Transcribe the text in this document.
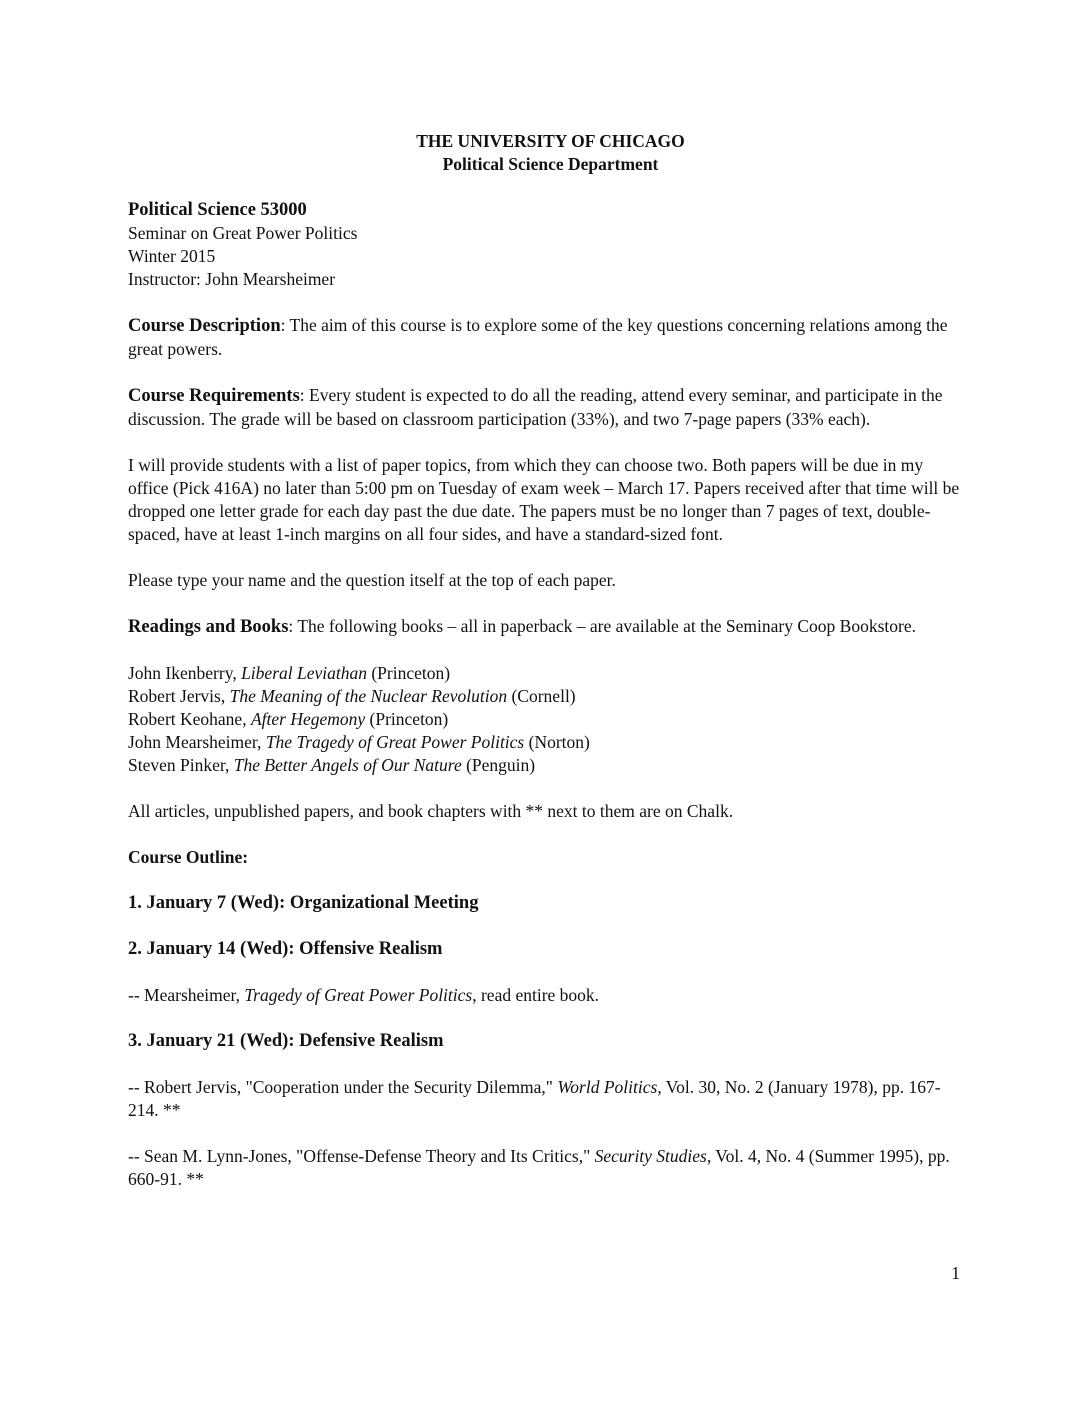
THE UNIVERSITY OF CHICAGO
Political Science Department
Political Science 53000
Seminar on Great Power Politics
Winter 2015
Instructor: John Mearsheimer

Course Description: The aim of this course is to explore some of the key questions concerning relations among the great powers.

Course Requirements: Every student is expected to do all the reading, attend every seminar, and participate in the discussion. The grade will be based on classroom participation (33%), and two 7-page papers (33% each).

I will provide students with a list of paper topics, from which they can choose two. Both papers will be due in my office (Pick 416A) no later than 5:00 pm on Tuesday of exam week – March 17. Papers received after that time will be dropped one letter grade for each day past the due date. The papers must be no longer than 7 pages of text, double-spaced, have at least 1-inch margins on all four sides, and have a standard-sized font.

Please type your name and the question itself at the top of each paper.

Readings and Books: The following books – all in paperback – are available at the Seminary Coop Bookstore.

John Ikenberry, Liberal Leviathan (Princeton)
Robert Jervis, The Meaning of the Nuclear Revolution (Cornell)
Robert Keohane, After Hegemony (Princeton)
John Mearsheimer, The Tragedy of Great Power Politics (Norton)
Steven Pinker, The Better Angels of Our Nature (Penguin)

All articles, unpublished papers, and book chapters with ** next to them are on Chalk.

Course Outline:

1. January 7 (Wed): Organizational Meeting

2. January 14 (Wed): Offensive Realism

-- Mearsheimer, Tragedy of Great Power Politics, read entire book.

3. January 21 (Wed): Defensive Realism

-- Robert Jervis, "Cooperation under the Security Dilemma," World Politics, Vol. 30, No. 2 (January 1978), pp. 167-214. **

-- Sean M. Lynn-Jones, "Offense-Defense Theory and Its Critics," Security Studies, Vol. 4, No. 4 (Summer 1995), pp. 660-91. **

1
